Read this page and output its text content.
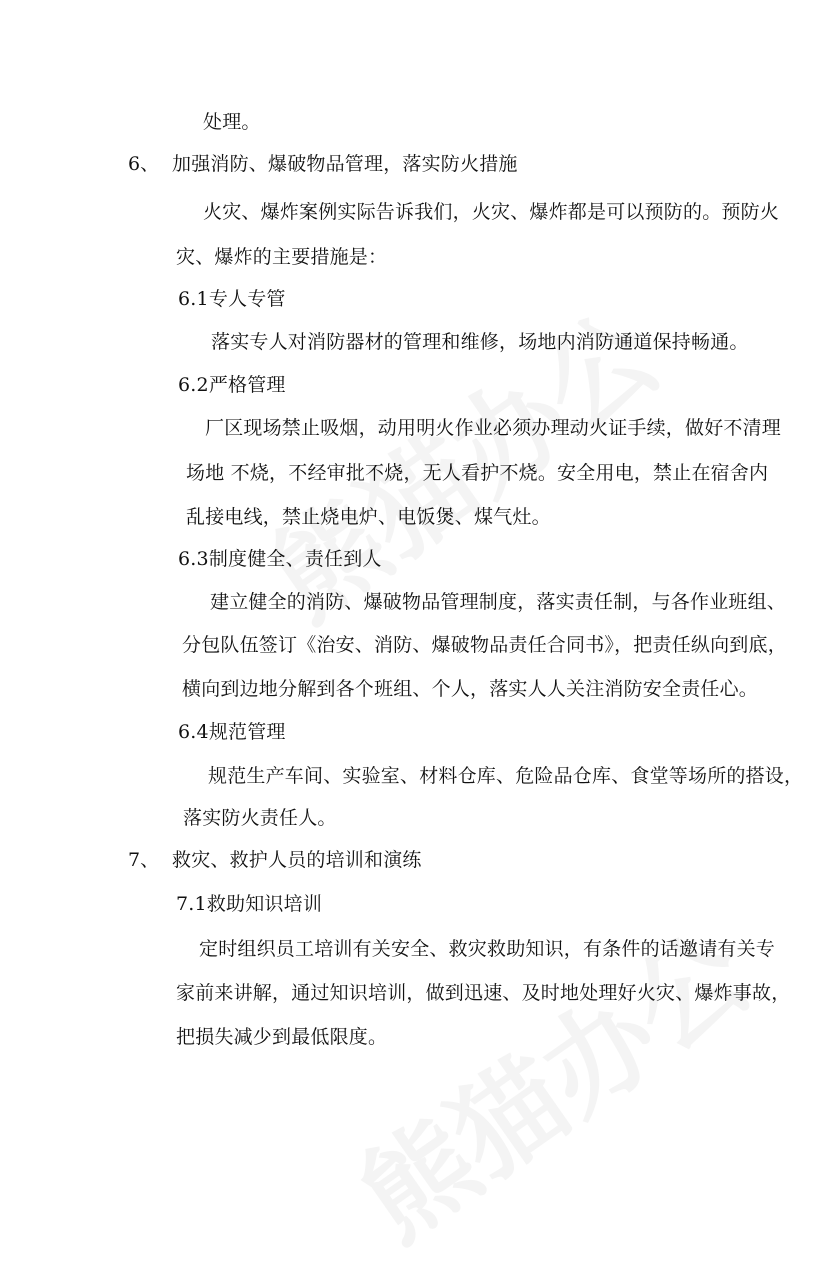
处理。
6、 加强消防、爆破物品管理，落实防火措施
火灾、爆炸案例实际告诉我们，火灾、爆炸都是可以预防的。预防火
灾、爆炸的主要措施是：
6.1专人专管
落实专人对消防器材的管理和维修，场地内消防通道保持畅通。
6.2严格管理
厂区现场禁止吸烟，动用明火作业必须办理动火证手续，做好不清理
场地 不烧，不经审批不烧，无人看护不烧。安全用电，禁止在宿舍内
乱接电线，禁止烧电炉、电饭煲、煤气灶。
6.3制度健全、责任到人
建立健全的消防、爆破物品管理制度，落实责任制，与各作业班组、
分包队伍签订《治安、消防、爆破物品责任合同书》，把责任纵向到底，
横向到边地分解到各个班组、个人，落实人人关注消防安全责任心。
6.4规范管理
规范生产车间、实验室、材料仓库、危险品仓库、食堂等场所的搭设，
落实防火责任人。
7、 救灾、救护人员的培训和演练
7.1救助知识培训
定时组织员工培训有关安全、救灾救助知识，有条件的话邀请有关专
家前来讲解，通过知识培训，做到迅速、及时地处理好火灾、爆炸事故，
把损失减少到最低限度。
